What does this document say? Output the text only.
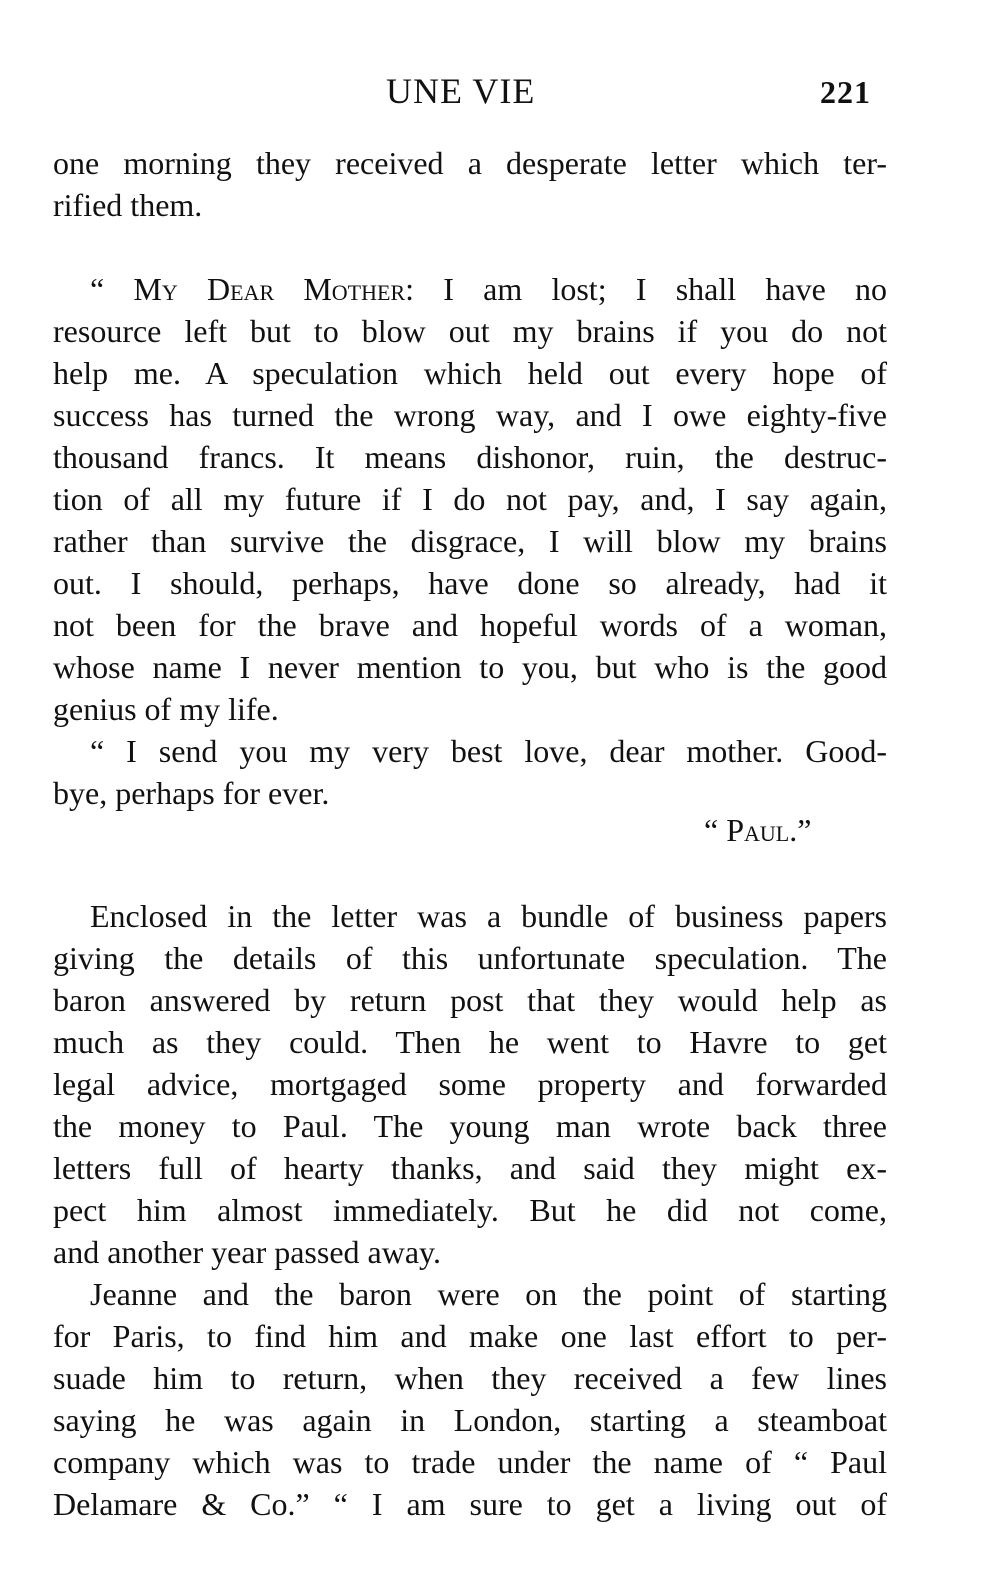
UNE VIE	221
one morning they received a desperate letter which ter-
rified them.
“ My Dear Mother: I am lost; I shall have no
resource left but to blow out my brains if you do not
help me. A speculation which held out every hope of
success has turned the wrong way, and I owe eighty-five
thousand francs. It means dishonor, ruin, the destruc-
tion of all my future if I do not pay, and, I say again,
rather than survive the disgrace, I will blow my brains
out. I should, perhaps, have done so already, had it
not been for the brave and hopeful words of a woman,
whose name I never mention to you, but who is the good
genius of my life.
“ I send you my very best love, dear mother. Good-
bye, perhaps for ever.
“ Paul.”
Enclosed in the letter was a bundle of business papers
giving the details of this unfortunate speculation. The
baron answered by return post that they would help as
much as they could. Then he went to Havre to get
legal advice, mortgaged some property and forwarded
the money to Paul. The young man wrote back three
letters full of hearty thanks, and said they might ex-
pect him almost immediately. But he did not come,
and another year passed away.
Jeanne and the baron were on the point of starting
for Paris, to find him and make one last effort to per-
suade him to return, when they received a few lines
saying he was again in London, starting a steamboat
company which was to trade under the name of “ Paul
Delamare & Co.” “ I am sure to get a living out of
